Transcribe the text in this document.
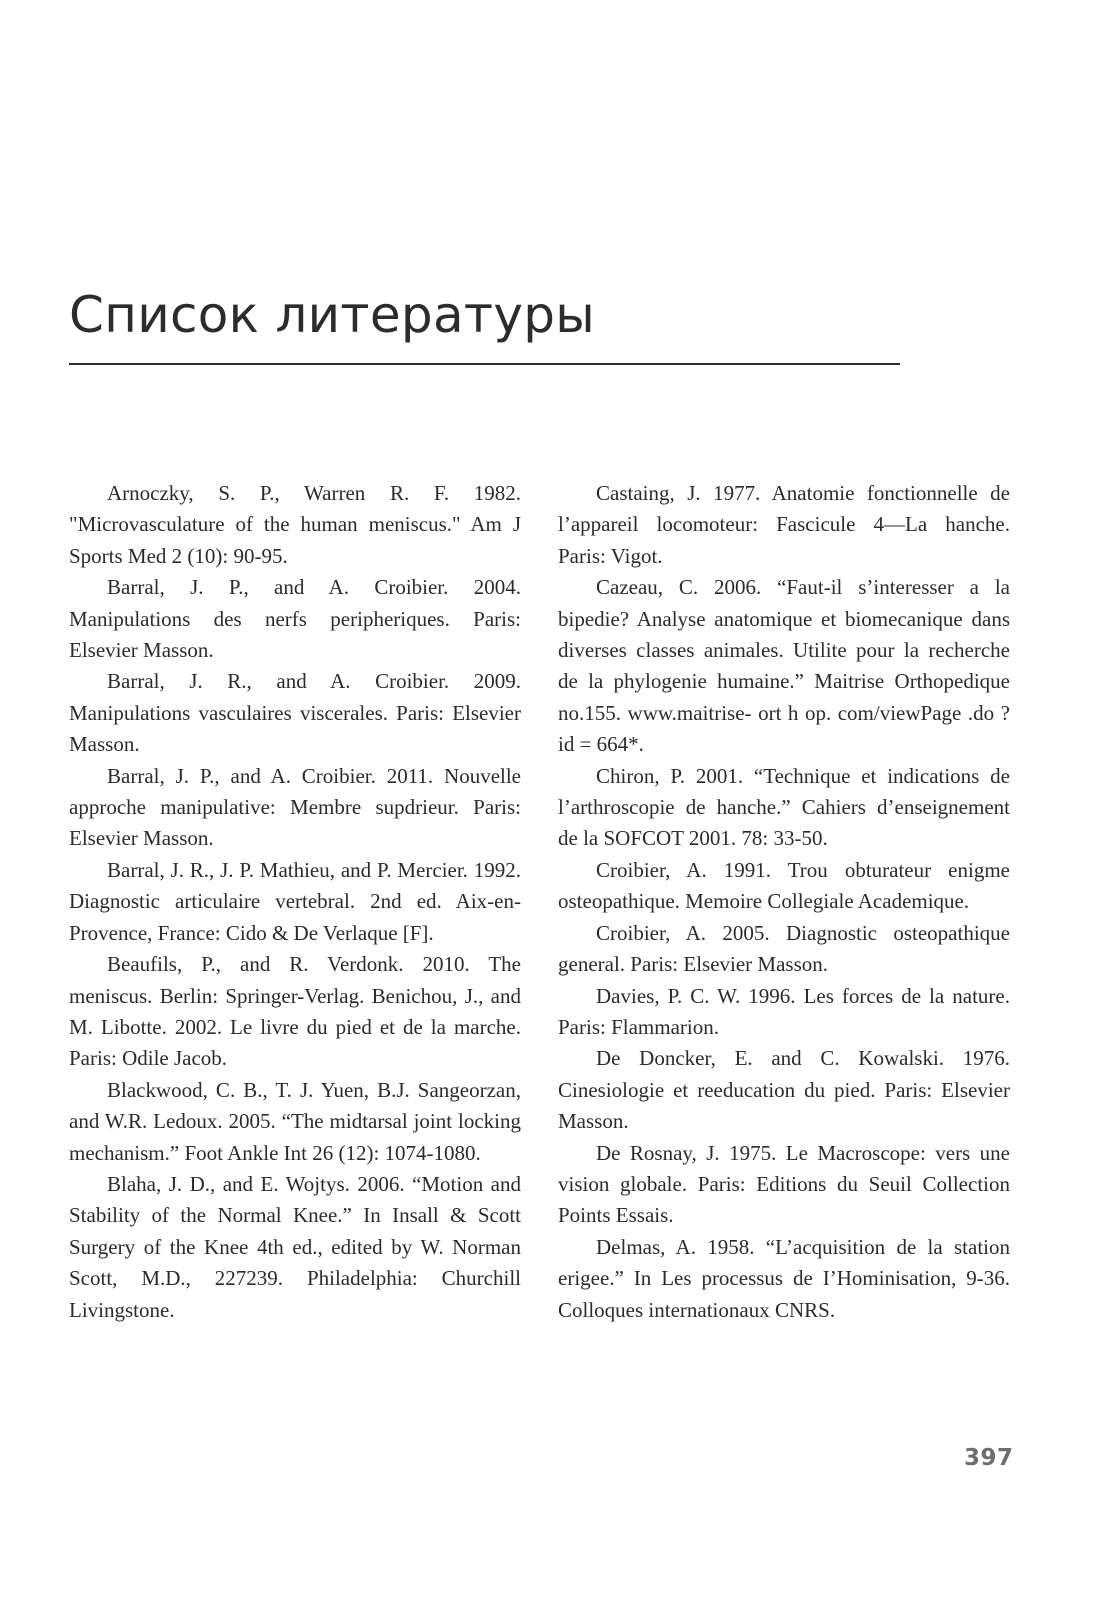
Список литературы

Arnoczky, S. P., Warren R. F. 1982. "Microvasculature of the human meniscus." Am J Sports Med 2 (10): 90-95.

Barral, J. P., and A. Croibier. 2004. Manipulations des nerfs peripheriques. Paris: Elsevier Masson.

Barral, J. R., and A. Croibier. 2009. Manipulations vasculaires viscerales. Paris: Elsevier Masson.

Barral, J. P., and A. Croibier. 2011. Nouvelle approche manipulative: Membre supdrieur. Paris: Elsevier Masson.

Barral, J. R., J. P. Mathieu, and P. Mercier. 1992. Diagnostic articulaire vertebral. 2nd ed. Aix-en-Provence, France: Cido & De Verlaque [F].

Beaufils, P., and R. Verdonk. 2010. The meniscus. Berlin: Springer-Verlag. Benichou, J., and M. Libotte. 2002. Le livre du pied et de la marche. Paris: Odile Jacob.

Blackwood, C. B., T. J. Yuen, B.J. Sangeorzan, and W.R. Ledoux. 2005. “The midtarsal joint locking mechanism.” Foot Ankle Int 26 (12): 1074-1080.

Blaha, J. D., and E. Wojtys. 2006. “Motion and Stability of the Normal Knee.” In Insall & Scott Surgery of the Knee 4th ed., edited by W. Norman Scott, M.D., 227239. Philadelphia: Churchill Livingstone.

Castaing, J. 1977. Anatomie fonctionnelle de l’appareil locomoteur: Fascicule 4—La hanche. Paris: Vigot.

Cazeau, C. 2006. “Faut-il s’interesser a la bipedie? Analyse anatomique et biomecanique dans diverses classes animales. Utilite pour la recherche de la phylogenie humaine.” Maitrise Orthopedique no.155. www.maitrise- ort h op. com/viewPage .do ?id = 664*.

Chiron, P. 2001. “Technique et indications de l’arthroscopie de hanche.” Cahiers d’enseignement de la SOFCOT 2001. 78: 33-50.

Croibier, A. 1991. Trou obturateur enigme osteopathique. Memoire Collegiale Academique.

Croibier, A. 2005. Diagnostic osteopathique general. Paris: Elsevier Masson.

Davies, P. C. W. 1996. Les forces de la nature. Paris: Flammarion.

De Doncker, E. and C. Kowalski. 1976. Cinesiologie et reeducation du pied. Paris: Elsevier Masson.

De Rosnay, J. 1975. Le Macroscope: vers une vision globale. Paris: Editions du Seuil Collection Points Essais.

Delmas, A. 1958. “L’acquisition de la station erigee.” In Les processus de I’Hominisation, 9-36. Colloques internationaux CNRS.

397
